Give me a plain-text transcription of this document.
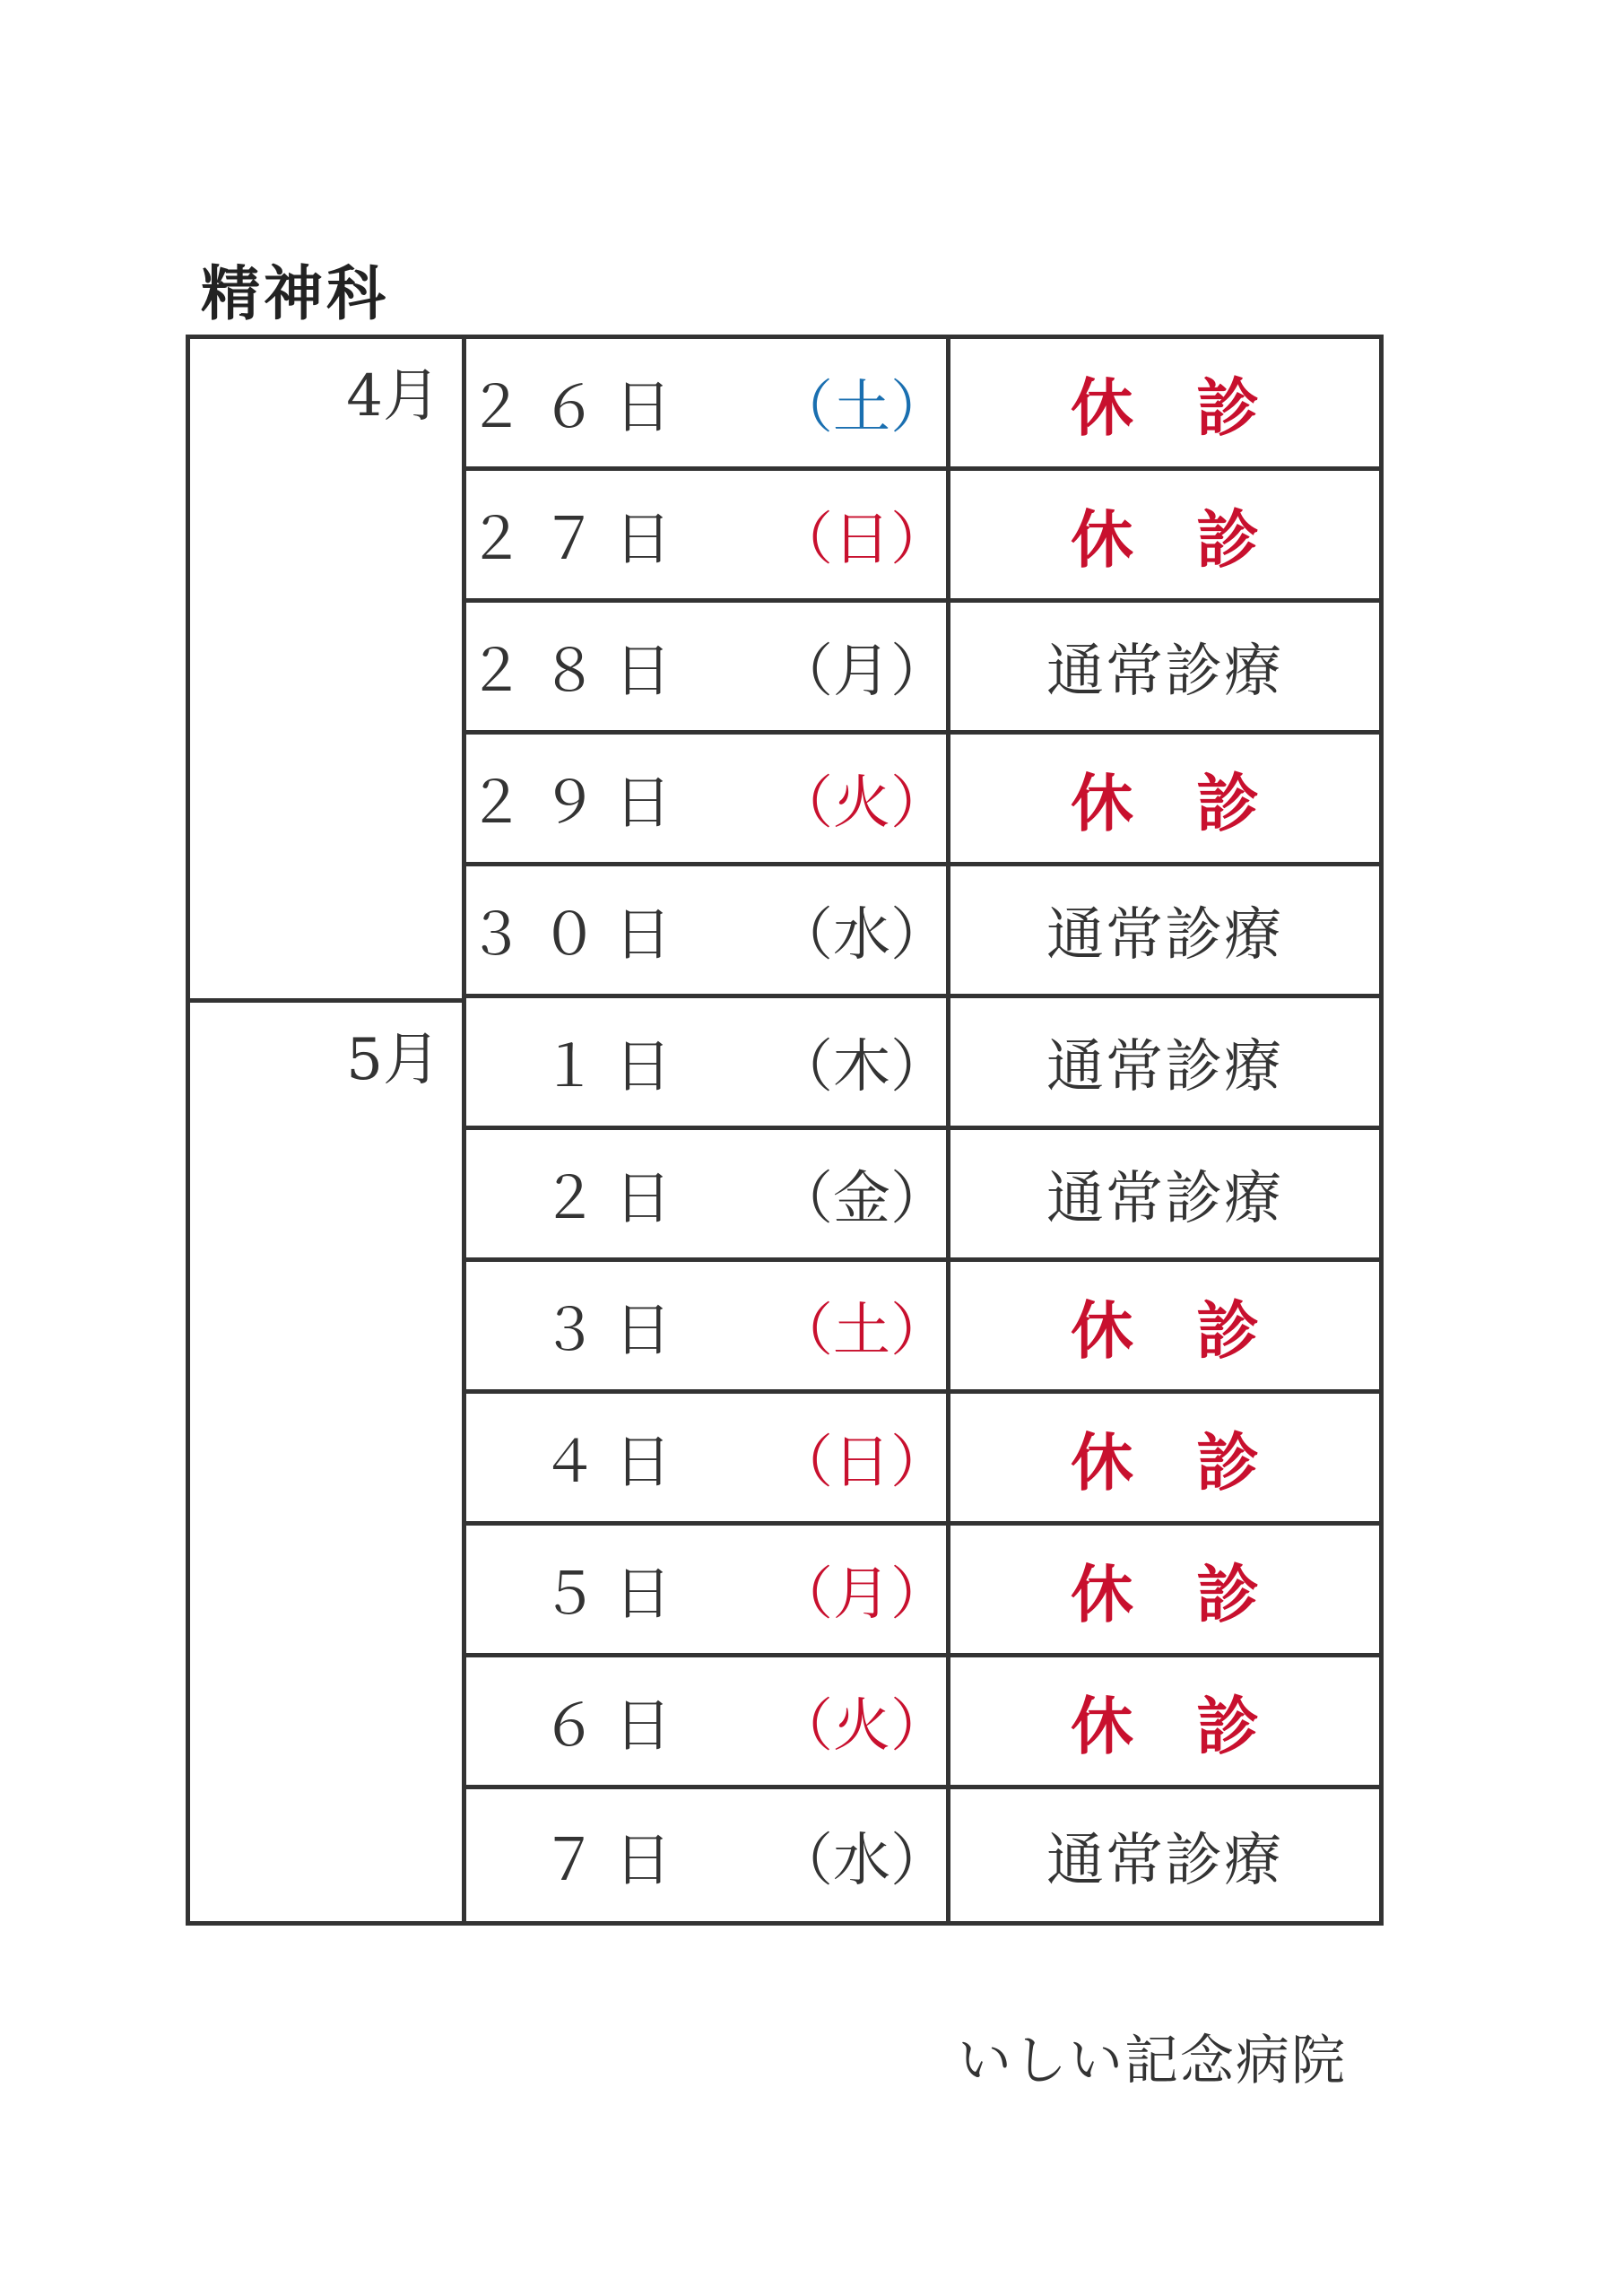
精神科
4月
5月
２６日 （土） 休　診
２７日 （日） 休　診
２８日 （月） 通常診療
２９日 （火） 休　診
３０日 （水） 通常診療
１日 （木） 通常診療
２日 （金） 通常診療
３日 （土） 休　診
４日 （日） 休　診
５日 （月） 休　診
６日 （火） 休　診
７日 （水） 通常診療
いしい記念病院
